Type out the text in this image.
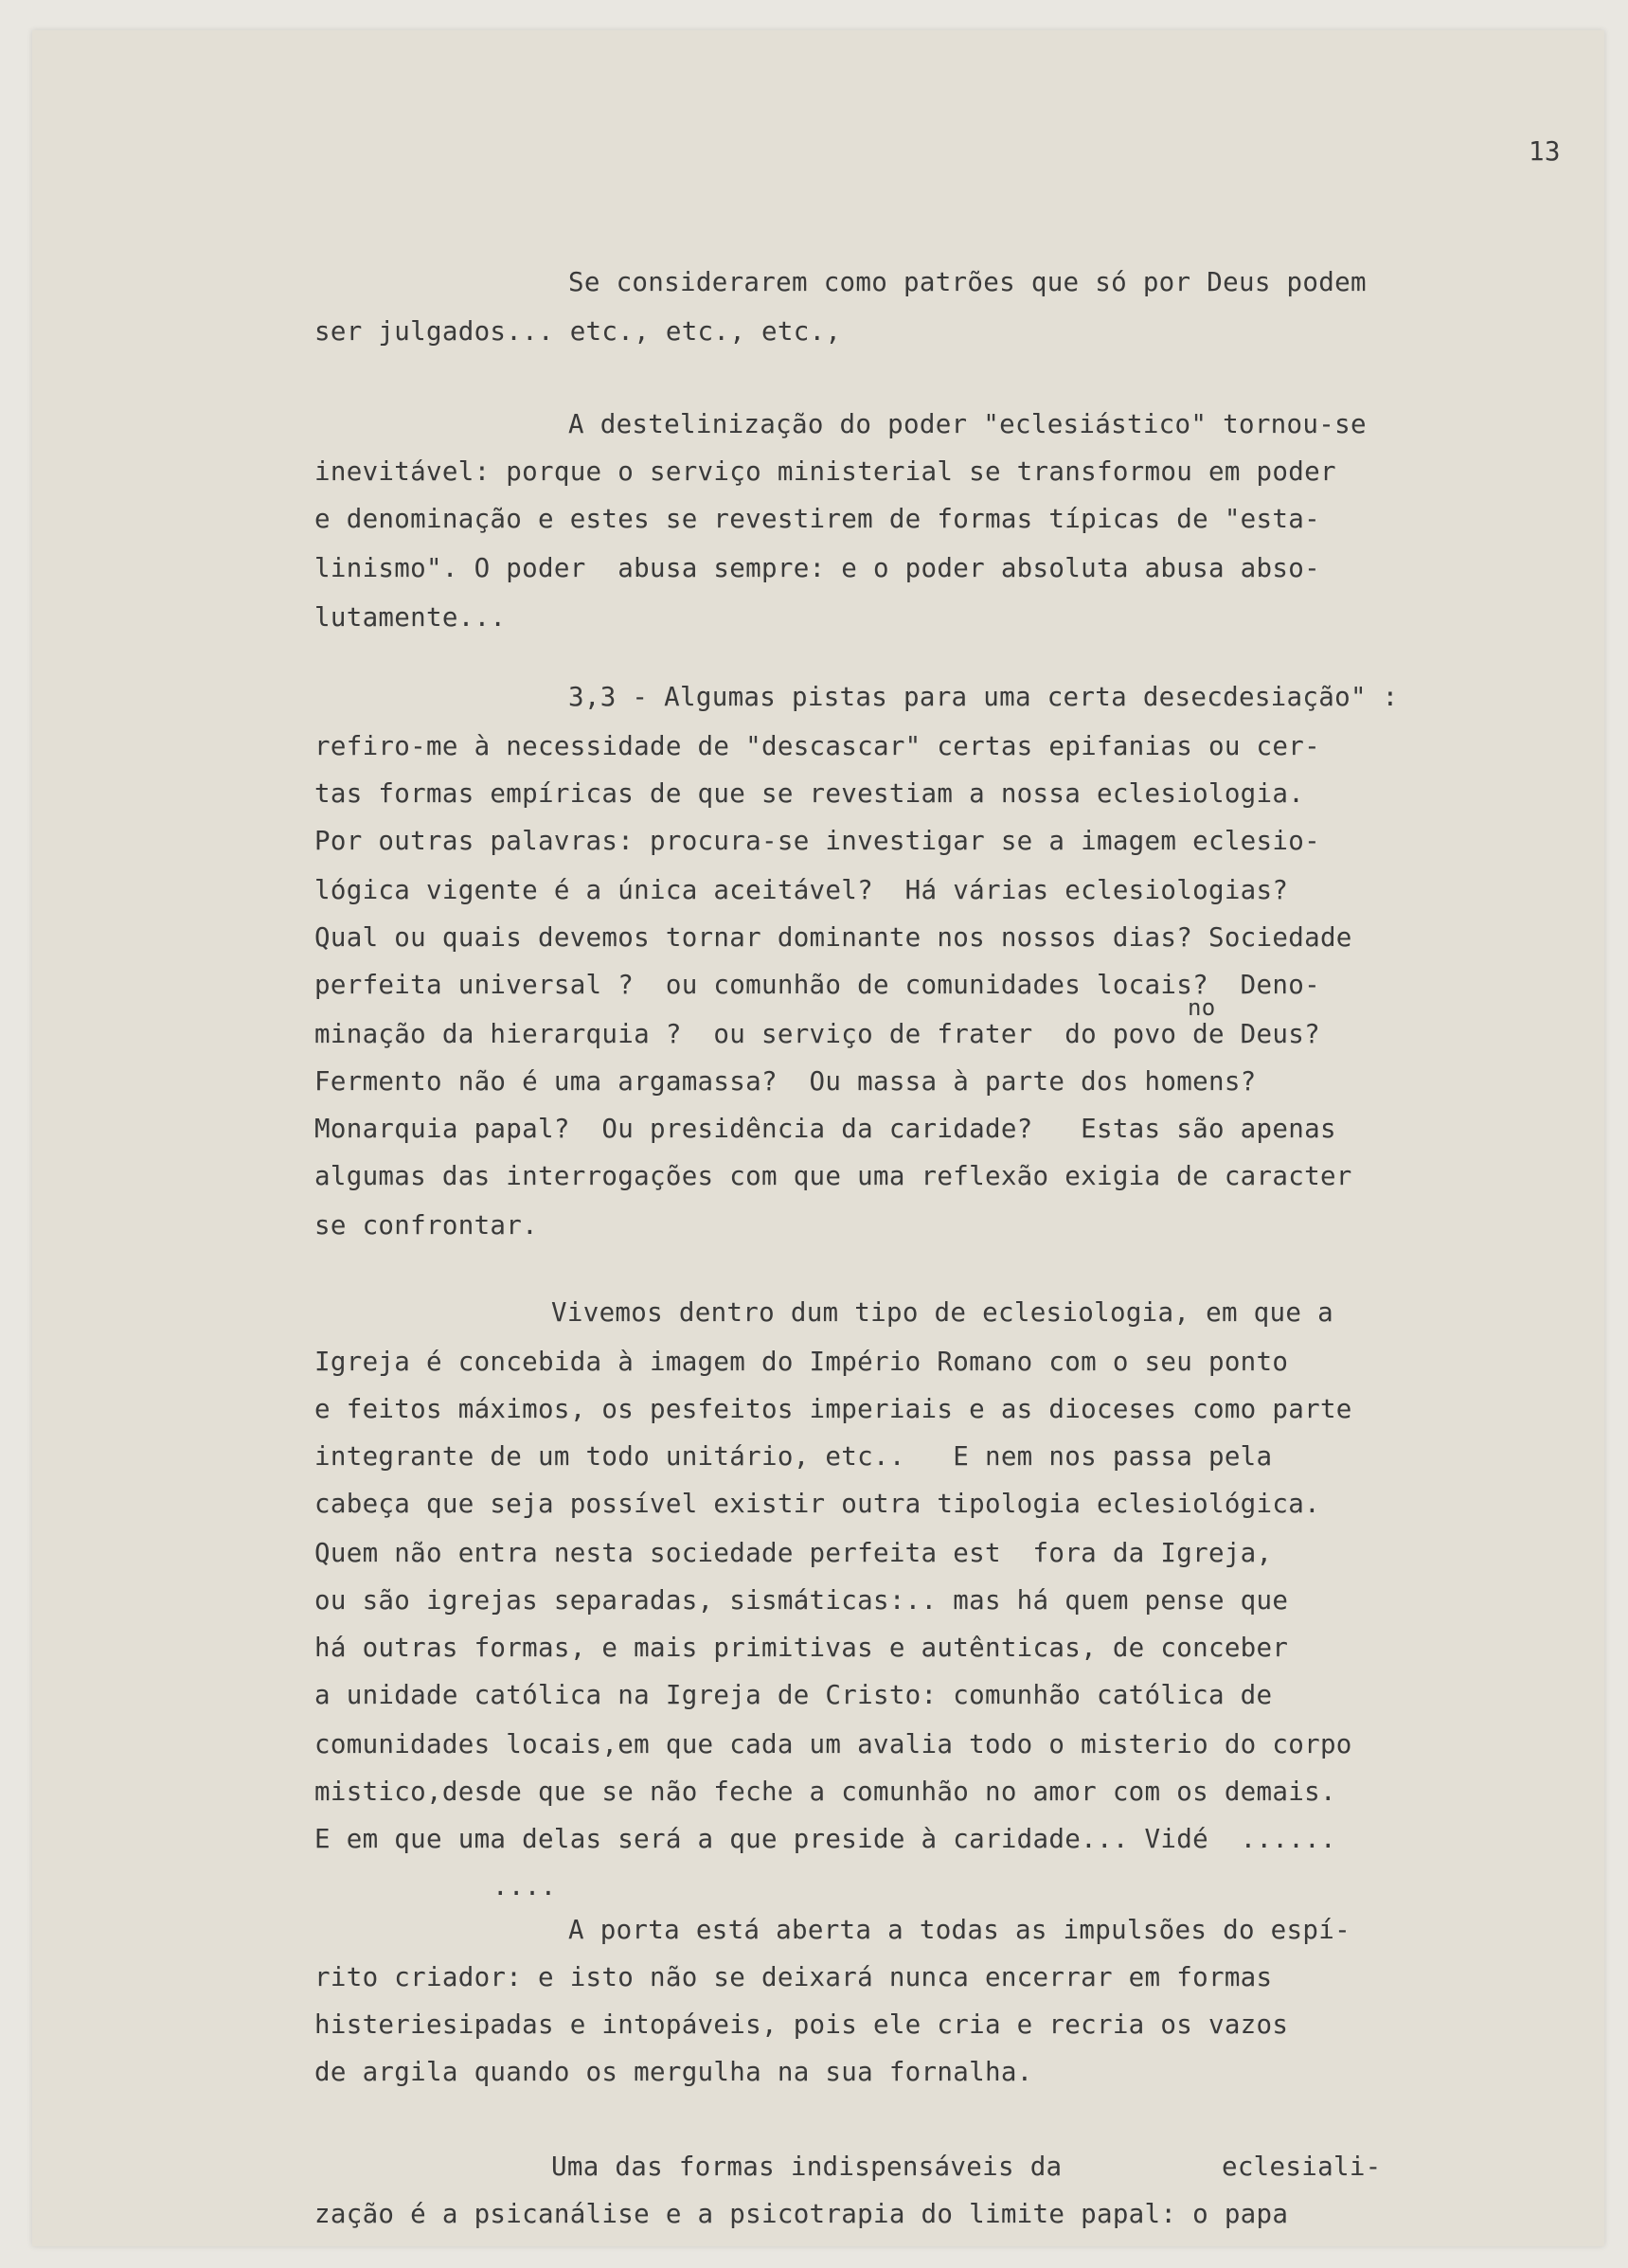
13
Se considerarem como patrões que só por Deus podem
ser julgados... etc., etc., etc.,
A destelinização do poder "eclesiástico" tornou-se
inevitável: porque o serviço ministerial se transformou em poder
e denominação e estes se revestirem de formas típicas de "esta-
linismo". O poder  abusa sempre: e o poder absoluta abusa abso-
lutamente...
3,3 - Algumas pistas para uma certa desecdesiação" :
refiro-me à necessidade de "descascar" certas epifanias ou cer-
tas formas empíricas de que se revestiam a nossa eclesiologia.
Por outras palavras: procura-se investigar se a imagem eclesio-
lógica vigente é a única aceitável?  Há várias eclesiologias?
Qual ou quais devemos tornar dominante nos nossos dias? Sociedade
perfeita universal ?  ou comunhão de comunidades locais?  Deno-
no
minação da hierarquia ?  ou serviço de frater  do povo de Deus?
Fermento não é uma argamassa?  Ou massa à parte dos homens?
Monarquia papal?  Ou presidência da caridade?   Estas são apenas
algumas das interrogações com que uma reflexão exigia de caracter
se confrontar.
Vivemos dentro dum tipo de eclesiologia, em que a
Igreja é concebida à imagem do Império Romano com o seu ponto
e feitos máximos, os pesfeitos imperiais e as dioceses como parte
integrante de um todo unitário, etc..   E nem nos passa pela
cabeça que seja possível existir outra tipologia eclesiológica.
Quem não entra nesta sociedade perfeita est  fora da Igreja,
ou são igrejas separadas, sismáticas:.. mas há quem pense que
há outras formas, e mais primitivas e autênticas, de conceber
a unidade católica na Igreja de Cristo: comunhão católica de
comunidades locais,em que cada um avalia todo o misterio do corpo
mistico,desde que se não feche a comunhão no amor com os demais.
E em que uma delas será a que preside à caridade... Vidé  ......
....
A porta está aberta a todas as impulsões do espí-
rito criador: e isto não se deixará nunca encerrar em formas
histeriesipadas e intopáveis, pois ele cria e recria os vazos
de argila quando os mergulha na sua fornalha.
Uma das formas indispensáveis da          eclesiali-
zação é a psicanálise e a psicotrapia do limite papal: o papa
